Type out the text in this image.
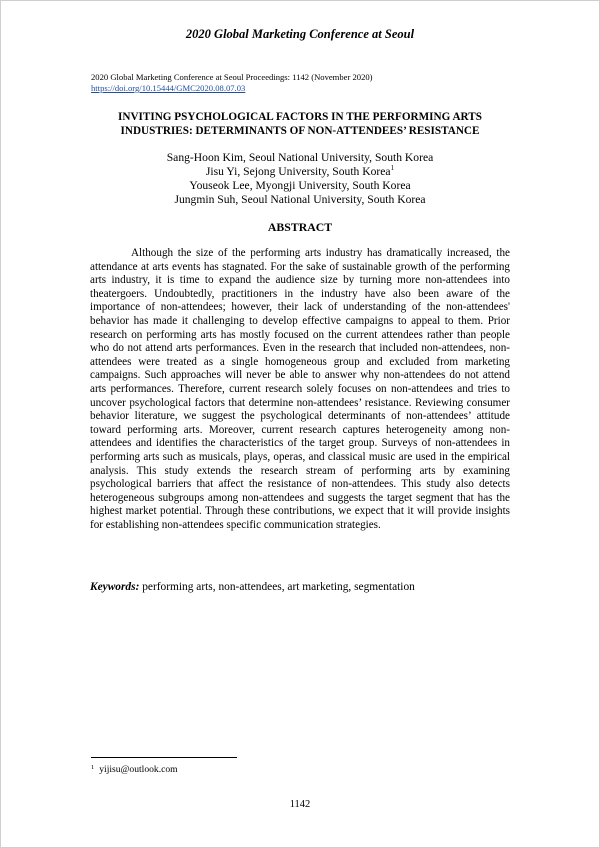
2020 Global Marketing Conference at Seoul
2020 Global Marketing Conference at Seoul Proceedings: 1142 (November 2020)
https://doi.org/10.15444/GMC2020.08.07.03
INVITING PSYCHOLOGICAL FACTORS IN THE PERFORMING ARTS
INDUSTRIES: DETERMINANTS OF NON-ATTENDEES’ RESISTANCE
Sang-Hoon Kim, Seoul National University, South Korea
Jisu Yi, Sejong University, South Korea$^1$
Youseok Lee, Myongji University, South Korea
Jungmin Suh, Seoul National University, South Korea
ABSTRACT

Although the size of the performing arts industry has dramatically increased, the attendance at arts events has stagnated. For the sake of sustainable growth of the performing arts industry, it is time to expand the audience size by turning more non-attendees into theatergoers. Undoubtedly, practitioners in the industry have also been aware of the importance of non-attendees; however, their lack of understanding of the non-attendees' behavior has made it challenging to develop effective campaigns to appeal to them. Prior research on performing arts has mostly focused on the current attendees rather than people who do not attend arts performances. Even in the research that included non-attendees, non-attendees were treated as a single homogeneous group and excluded from marketing campaigns. Such approaches will never be able to answer why non-attendees do not attend arts performances. Therefore, current research solely focuses on non-attendees and tries to uncover psychological factors that determine non-attendees’ resistance. Reviewing consumer behavior literature, we suggest the psychological determinants of non-attendees’ attitude toward performing arts. Moreover, current research captures heterogeneity among non-attendees and identifies the characteristics of the target group. Surveys of non-attendees in performing arts such as musicals, plays, operas, and classical music are used in the empirical analysis. This study extends the research stream of performing arts by examining psychological barriers that affect the resistance of non-attendees. This study also detects heterogeneous subgroups among non-attendees and suggests the target segment that has the highest market potential. Through these contributions, we expect that it will provide insights for establishing non-attendees specific communication strategies.

Keywords: performing arts, non-attendees, art marketing, segmentation
$^1$ yijisu@outlook.com
1142
